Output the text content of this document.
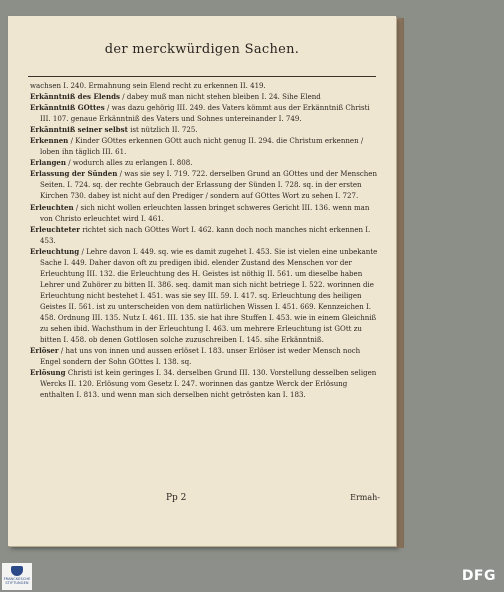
der merckwürdigen Sachen.

wachsen I. 240. Ermahnung sein Elend recht zu erkennen II. 419.

Erkänntniß des Elends / dabey muß man nicht stehen bleiben I. 24. Sihe Elend

Erkänntniß GOttes / was dazu gehörig III. 249. des Vaters kömmt aus der Erkänntniß Christi III. 107. genaue Erkänntniß des Vaters und Sohnes untereinander I. 749.

Erkänntniß seiner selbst ist nützlich II. 725.

Erkennen / Kinder GOttes erkennen GOtt auch nicht genug II. 294. die Christum erkennen / loben ihn täglich III. 61.

Erlangen / wodurch alles zu erlangen I. 808.

Erlassung der Sünden / was sie sey I. 719. 722. derselben Grund an GOttes und der Menschen Seiten. I. 724. sq. der rechte Gebrauch der Erlassung der Sünden I. 728. sq. in der ersten Kirchen 730. dabey ist nicht auf den Prediger / sondern auf GOttes Wort zu sehen I. 727.

Erleuchten / sich nicht wollen erleuchten lassen bringet schweres Gericht III. 136. wenn man von Christo erleuchtet wird I. 461.

Erleuchteter richtet sich nach GOttes Wort I. 462. kann doch noch manches nicht erkennen I. 453.

Erleuchtung / Lehre davon I. 449. sq. wie es damit zugehet I. 453. Sie ist vielen eine unbekante Sache I. 449. Daher davon oft zu predigen ibid. elender Zustand des Menschen vor der Erleuchtung III. 132. die Erleuchtung des H. Geistes ist nöthig II. 561. um dieselbe haben Lehrer und Zuhörer zu bitten II. 386. seq. damit man sich nicht betriege I. 522. worinnen die Erleuchtung nicht bestehet I. 451. was sie sey III. 59. I. 417. sq. Erleuchtung des heiligen Geistes II. 561. ist zu unterscheiden von dem natürlichen Wissen I. 451. 669. Kennzeichen I. 458. Ordnung III. 135. Nutz I. 461. III. 135. sie hat ihre Stuffen I. 453. wie in einem Gleichniß zu sehen ibid. Wachsthum in der Erleuchtung I. 463. um mehrere Erleuchtung ist GOtt zu bitten I. 458. ob denen Gottlosen solche zuzuschreiben I. 145. sihe Erkänntniß.

Erlöser / hat uns von innen und aussen erlöset I. 183. unser Erlöser ist weder Mensch noch Engel sondern der Sohn GOttes I. 138. sq.

Erlösung Christi ist kein geringes I. 34. derselben Grund III. 130. Vorstellung desselben seligen Wercks II. 120. Erlösung vom Gesetz I. 247. worinnen das gantze Werck der Erlösung enthalten I. 813. und wenn man sich derselben nicht getrösten kan I. 183.

Pp 2	Ermah-
FRANCKESCHE STIFTUNGEN	DFG
